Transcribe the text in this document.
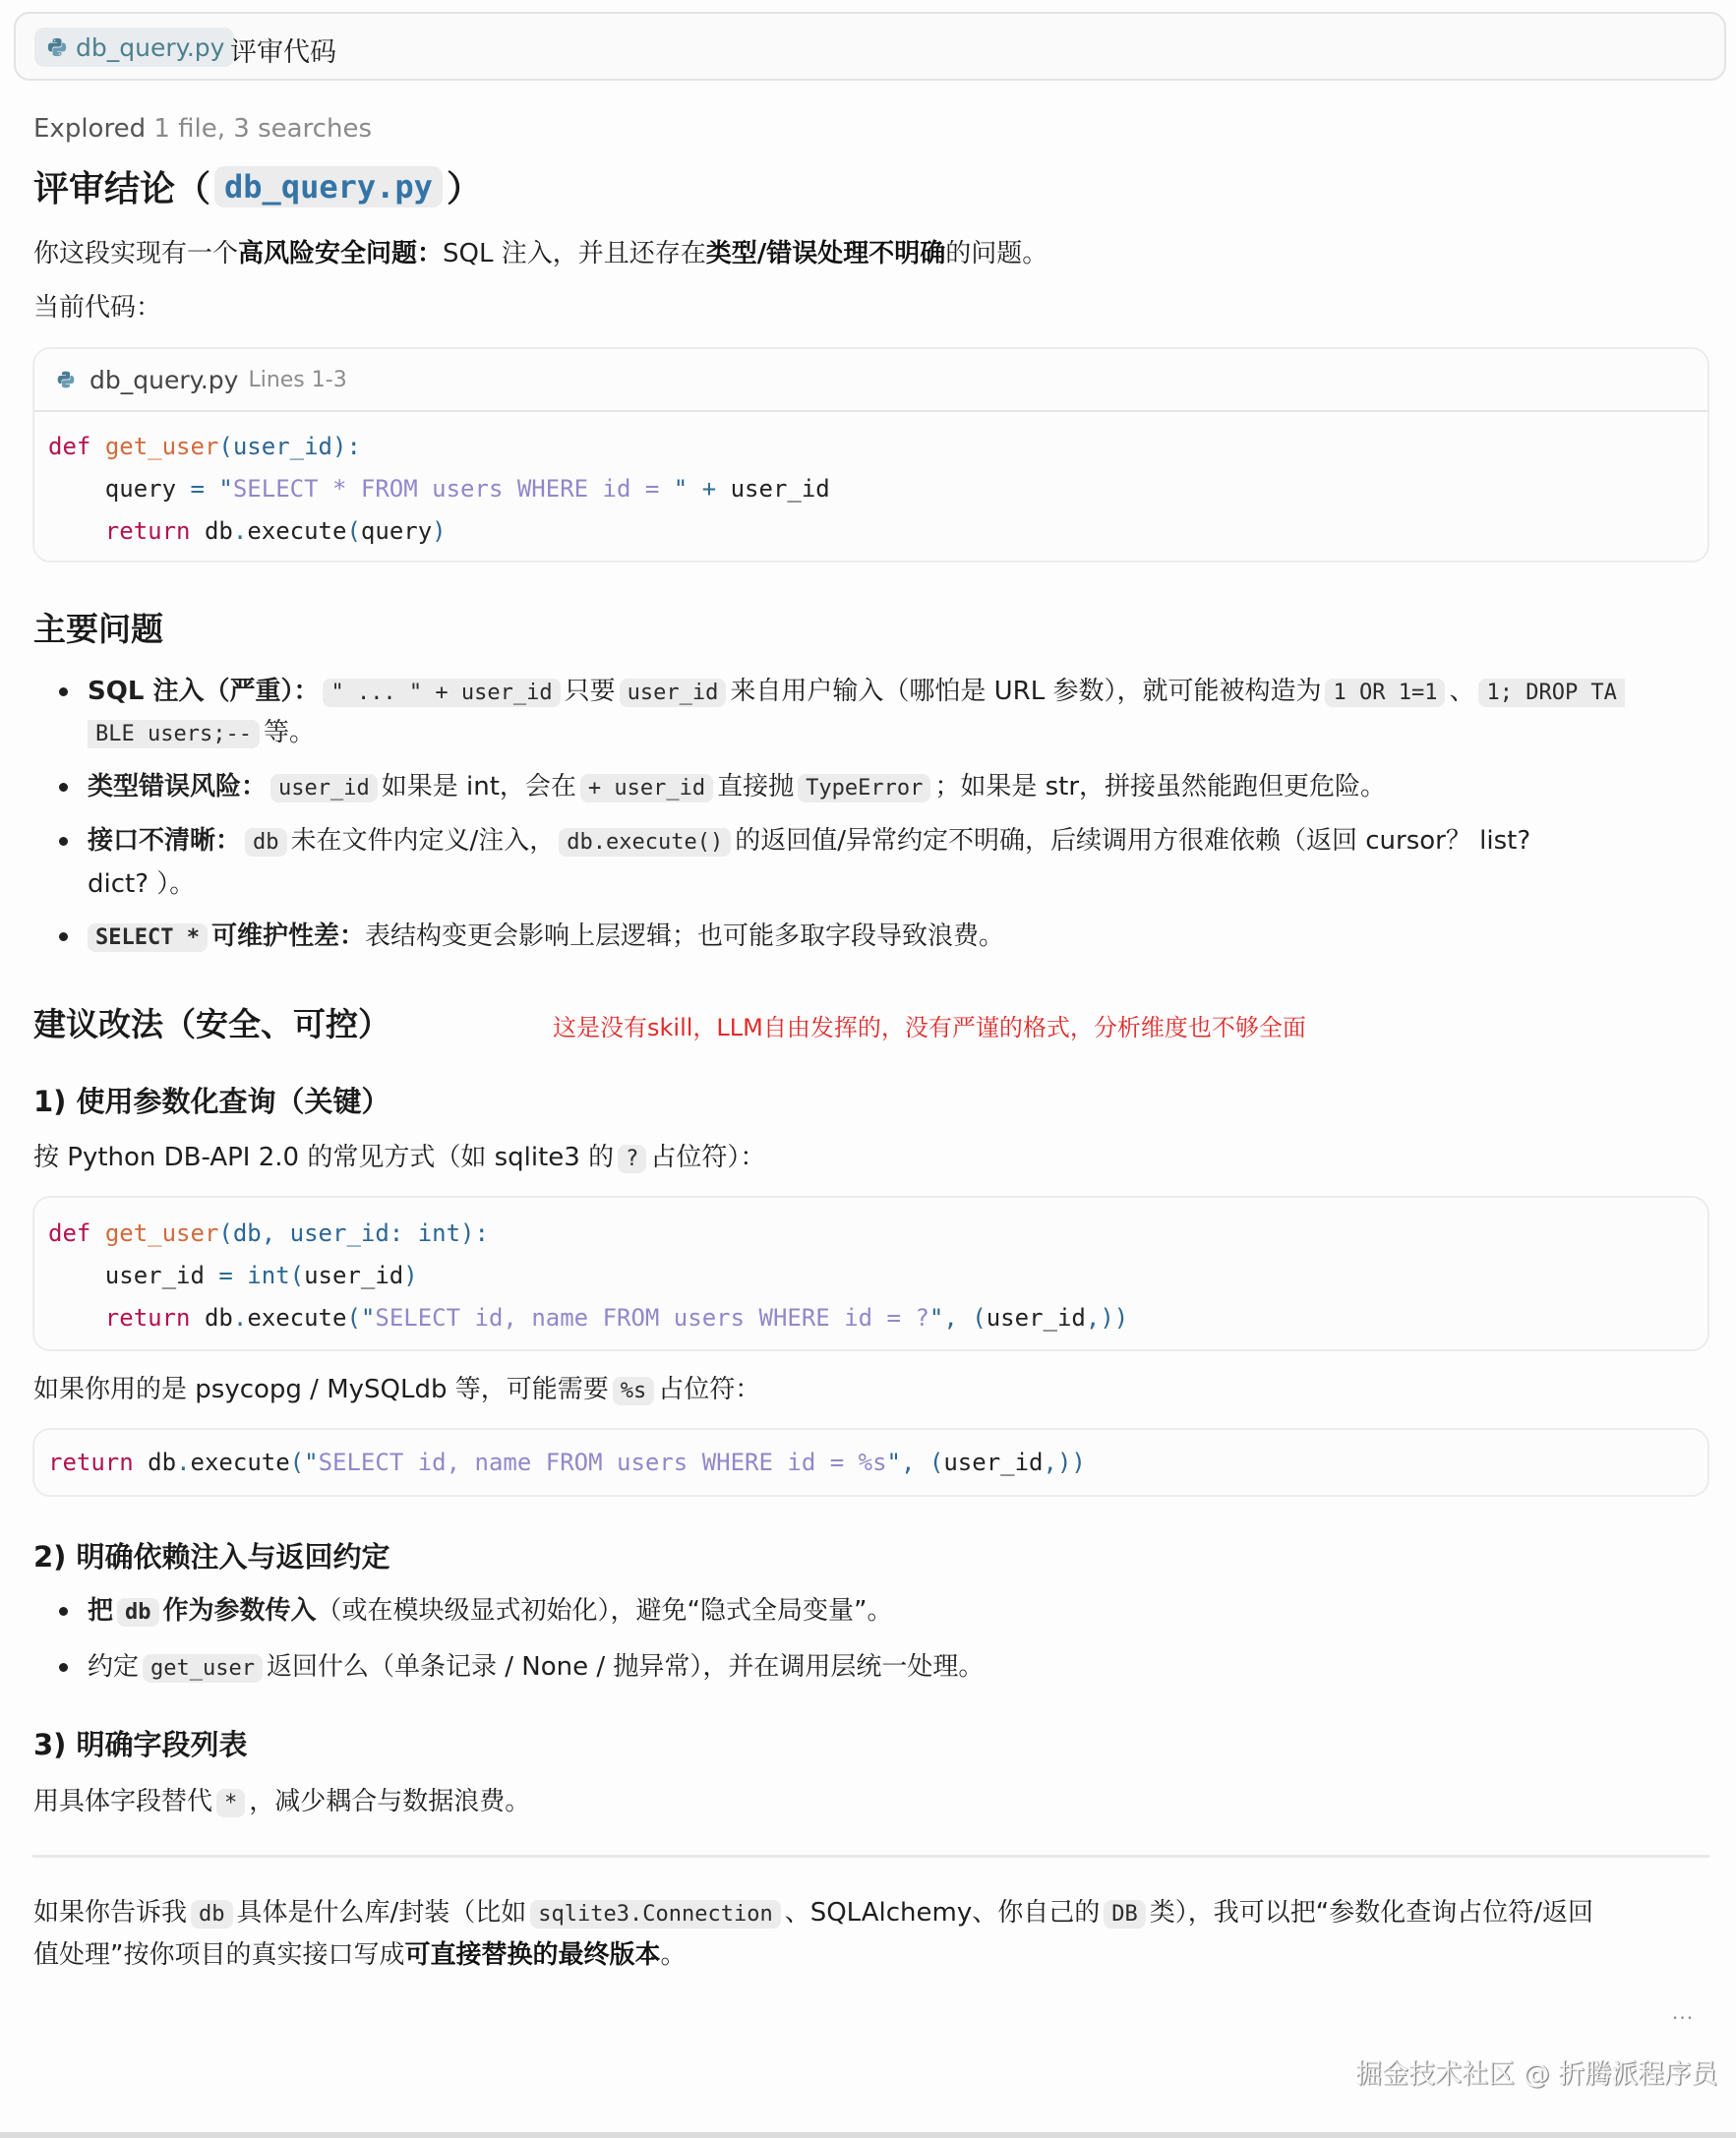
db_query.py 评审代码
Explored 1 file, 3 searches
评审结论（ db_query.py ）
你这段实现有一个高风险安全问题：SQL 注入，并且还存在类型/错误处理不明确的问题。
当前代码：
db_query.py Lines 1-3
def get_user(user_id):
query = "SELECT * FROM users WHERE id = " + user_id
return db.execute(query)
主要问题
SQL 注入（严重）： " ... " + user_id 只要 user_id 来自用户输入（哪怕是 URL 参数），就可能被构造为 1 OR 1=1 、 1; DROP TA
BLE users;-- 等。
类型错误风险： user_id 如果是 int，会在 + user_id 直接抛 TypeError ；如果是 str，拼接虽然能跑但更危险。
接口不清晰： db 未在文件内定义/注入， db.execute() 的返回值/异常约定不明确，后续调用方很难依赖（返回 cursor？ list?
dict? ）。
SELECT * 可维护性差：表结构变更会影响上层逻辑；也可能多取字段导致浪费。
建议改法（安全、可控）	这是没有skill，LLM自由发挥的，没有严谨的格式，分析维度也不够全面
1) 使用参数化查询（关键）
按 Python DB-API 2.0 的常见方式（如 sqlite3 的 ? 占位符）：
def get_user(db, user_id: int):
user_id = int(user_id)
return db.execute("SELECT id, name FROM users WHERE id = ?", (user_id,))
如果你用的是 psycopg / MySQLdb 等，可能需要 %s 占位符：
return db.execute("SELECT id, name FROM users WHERE id = %s", (user_id,))
2) 明确依赖注入与返回约定
把 db 作为参数传入（或在模块级显式初始化），避免“隐式全局变量”。
约定 get_user 返回什么（单条记录 / None / 抛异常），并在调用层统一处理。
3) 明确字段列表
用具体字段替代 * ，减少耦合与数据浪费。
如果你告诉我 db 具体是什么库/封装（比如 sqlite3.Connection 、SQLAlchemy、你自己的 DB 类），我可以把“参数化查询占位符/返回
值处理”按你项目的真实接口写成可直接替换的最终版本。
···
掘金技术社区 @ 折腾派程序员
